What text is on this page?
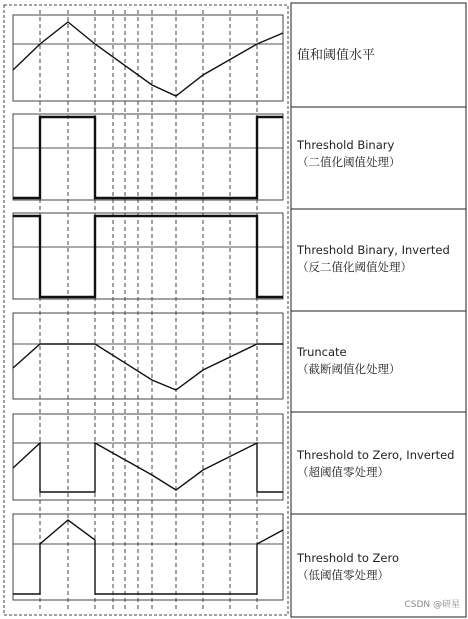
值和阈值水平
Threshold Binary
（二值化阈值处理）
Threshold Binary, Inverted
（反二值化阈值处理）
Truncate
（截断阈值化处理）
Threshold to Zero, Inverted
（超阈值零处理）
Threshold to Zero
（低阈值零处理）
CSDN @研星
